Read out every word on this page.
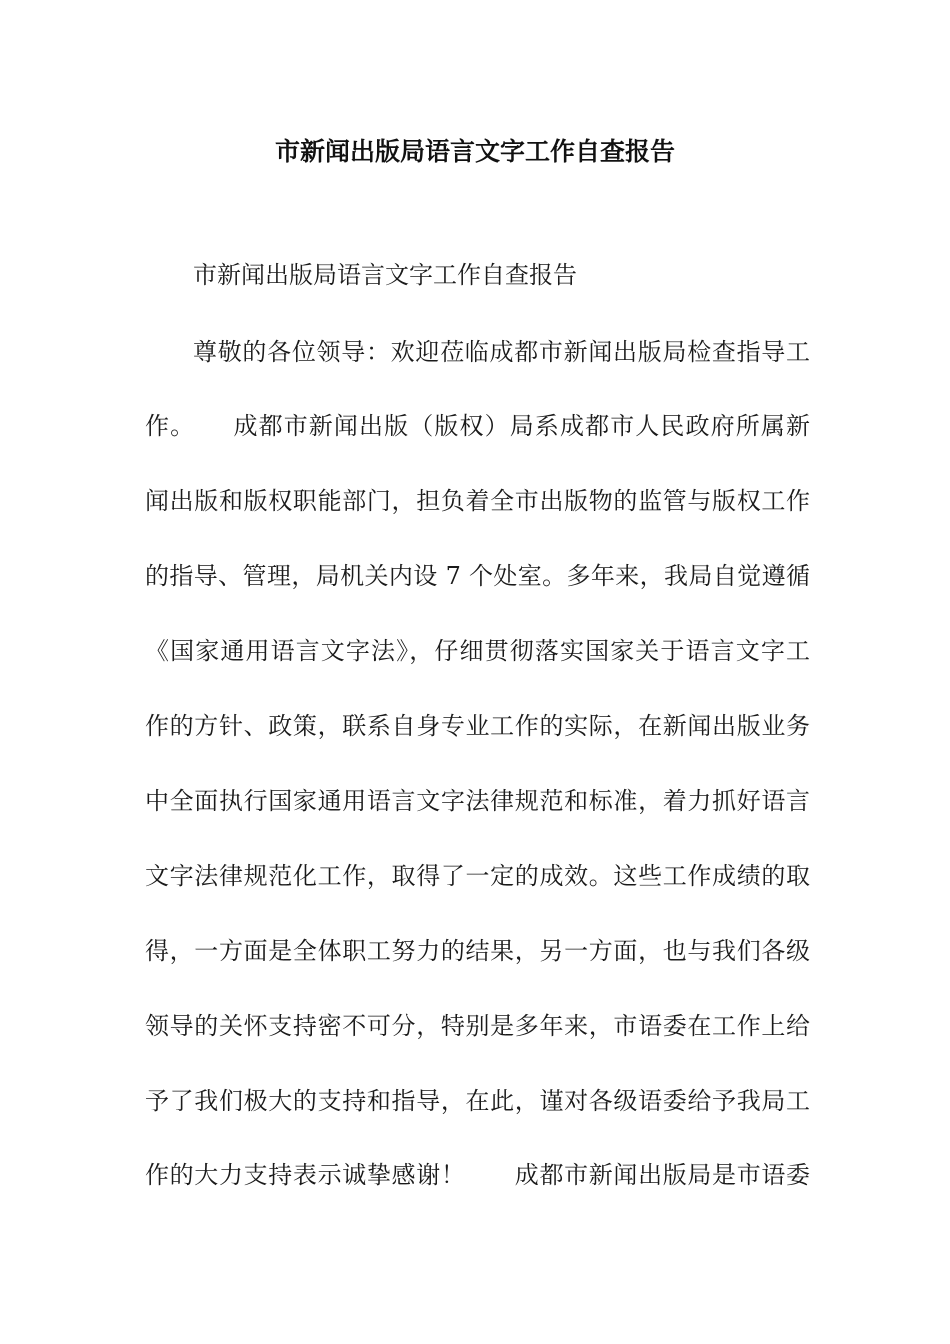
市新闻出版局语言文字工作自查报告
市新闻出版局语言文字工作自查报告
尊敬的各位领导：欢迎莅临成都市新闻出版局检查指导工
作。　　成都市新闻出版（版权）局系成都市人民政府所属新
闻出版和版权职能部门，担负着全市出版物的监管与版权工作
的指导、管理，局机关内设 7 个处室。多年来，我局自觉遵循
《国家通用语言文字法》，仔细贯彻落实国家关于语言文字工
作的方针、政策，联系自身专业工作的实际，在新闻出版业务
中全面执行国家通用语言文字法律规范和标准，着力抓好语言
文字法律规范化工作，取得了一定的成效。这些工作成绩的取
得，一方面是全体职工努力的结果，另一方面，也与我们各级
领导的关怀支持密不可分，特别是多年来，市语委在工作上给
予了我们极大的支持和指导，在此，谨对各级语委给予我局工
作的大力支持表示诚挚感谢！　　成都市新闻出版局是市语委
